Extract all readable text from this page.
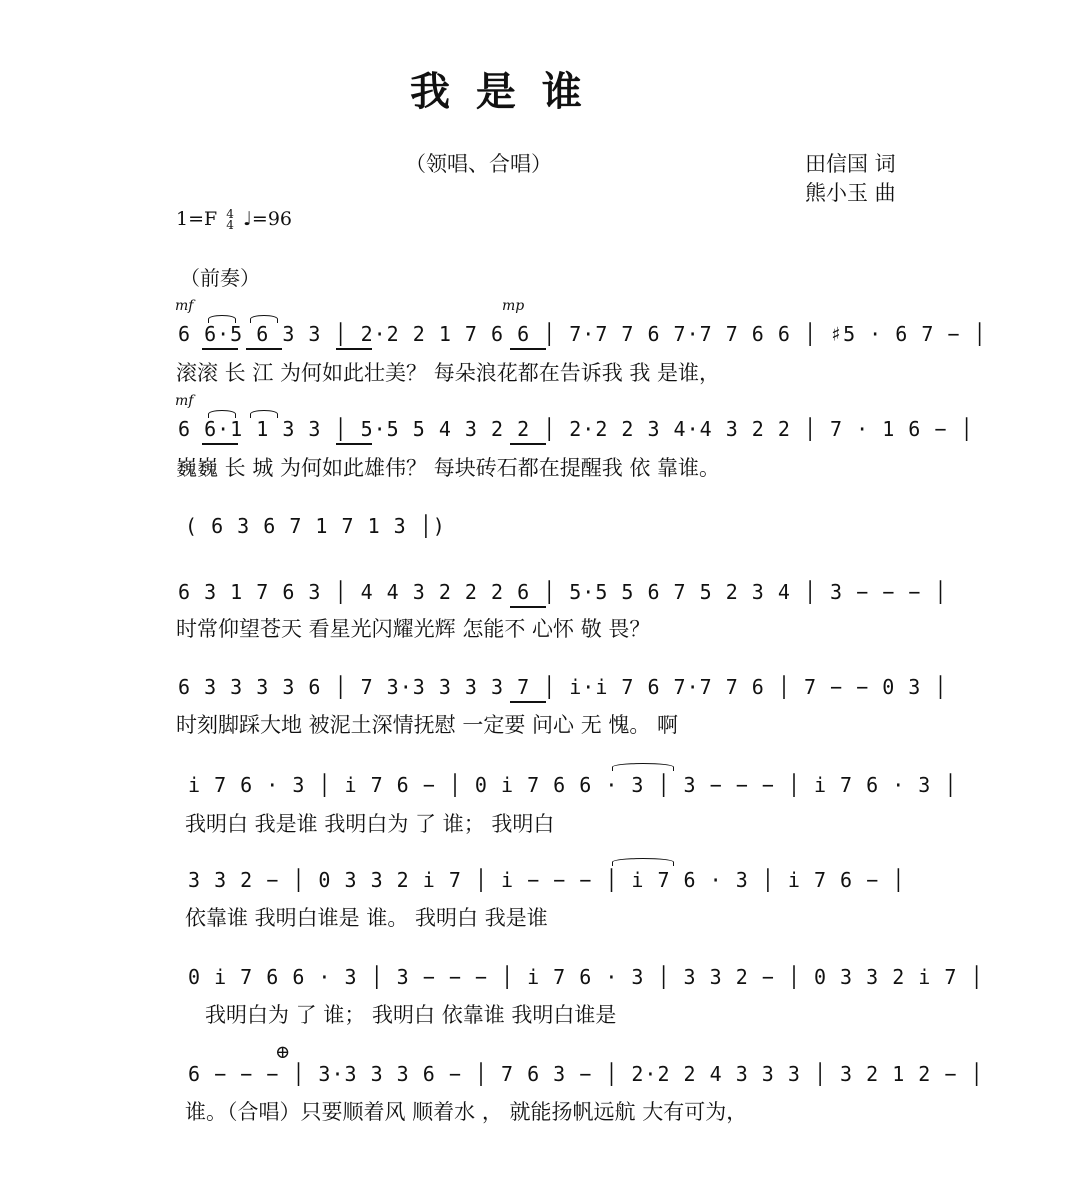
我 是 谁
（领唱、合唱）	田信国 词
熊小玉 曲
1=F 4
4 ♩=96
（前奏）
mf	mp
mf
6 6·5 6 3 3 │ 2·2 2 1 7 6 6 │ 7·7 7 6 7·7 7 6 6 │ ♯5 · 6 7 − │
滚滚 长 江 为何如此壮美？ 每朵浪花都在告诉我 我 是谁，
6 6·1 1 3 3 │ 5·5 5 4 3 2 2 │ 2·2 2 3 4·4 3 2 2 │ 7 · 1 6 − │
巍巍 长 城 为何如此雄伟？ 每块砖石都在提醒我 依 靠谁。
( 6 3 6 7 1 7 1 3 │)
6 3 1 7 6 3 │ 4 4 3 2 2 2 6 │ 5·5 5 6 7 5 2 3 4 │ 3 − − − │
时常仰望苍天 看星光闪耀光辉 怎能不 心怀 敬 畏？
6 3 3 3 3 6 │ 7 3·3 3 3 3 7 │ i·i 7 6 7·7 7 6 │ 7 − − 0 3 │
时刻脚踩大地 被泥土深情抚慰 一定要 问心 无 愧。 啊
i 7 6 · 3 │ i 7 6 − │ 0 i 7 6 6 · 3 │ 3 − − − │ i 7 6 · 3 │
我明白 我是谁 我明白为 了 谁； 我明白
3 3 2 − │ 0 3 3 2 i 7 │ i − − − │ i 7 6 · 3 │ i 7 6 − │
依靠谁 我明白谁是 谁。 我明白 我是谁
0 i 7 6 6 · 3 │ 3 − − − │ i 7 6 · 3 │ 3 3 2 − │ 0 3 3 2 i 7 │
我明白为 了 谁； 我明白 依靠谁 我明白谁是
⊕
6 − − − │ 3·3 3 3 6 − │ 7 6 3 − │ 2·2 2 4 3 3 3 │ 3 2 1 2 − │
谁。（合唱）只要顺着风 顺着水 ， 就能扬帆远航 大有可为，
